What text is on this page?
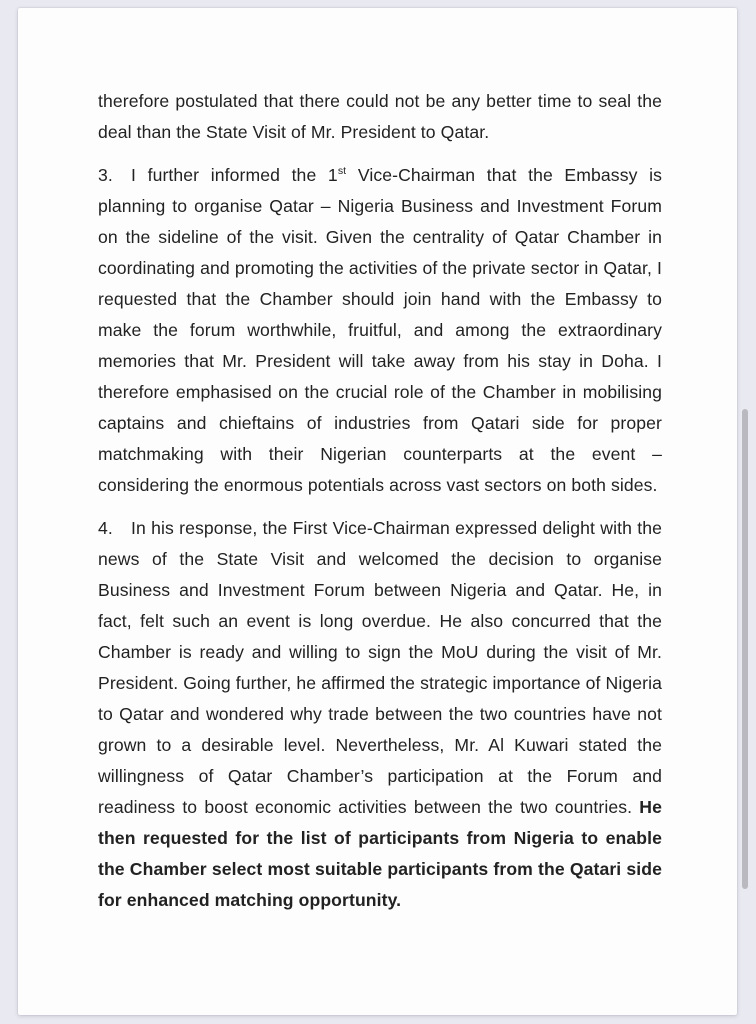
therefore postulated that there could not be any better time to seal the deal than the State Visit of Mr. President to Qatar.

3. I further informed the 1st Vice-Chairman that the Embassy is planning to organise Qatar – Nigeria Business and Investment Forum on the sideline of the visit. Given the centrality of Qatar Chamber in coordinating and promoting the activities of the private sector in Qatar, I requested that the Chamber should join hand with the Embassy to make the forum worthwhile, fruitful, and among the extraordinary memories that Mr. President will take away from his stay in Doha. I therefore emphasised on the crucial role of the Chamber in mobilising captains and chieftains of industries from Qatari side for proper matchmaking with their Nigerian counterparts at the event – considering the enormous potentials across vast sectors on both sides.

4. In his response, the First Vice-Chairman expressed delight with the news of the State Visit and welcomed the decision to organise Business and Investment Forum between Nigeria and Qatar. He, in fact, felt such an event is long overdue. He also concurred that the Chamber is ready and willing to sign the MoU during the visit of Mr. President. Going further, he affirmed the strategic importance of Nigeria to Qatar and wondered why trade between the two countries have not grown to a desirable level. Nevertheless, Mr. Al Kuwari stated the willingness of Qatar Chamber’s participation at the Forum and readiness to boost economic activities between the two countries. He then requested for the list of participants from Nigeria to enable the Chamber select most suitable participants from the Qatari side for enhanced matching opportunity.
